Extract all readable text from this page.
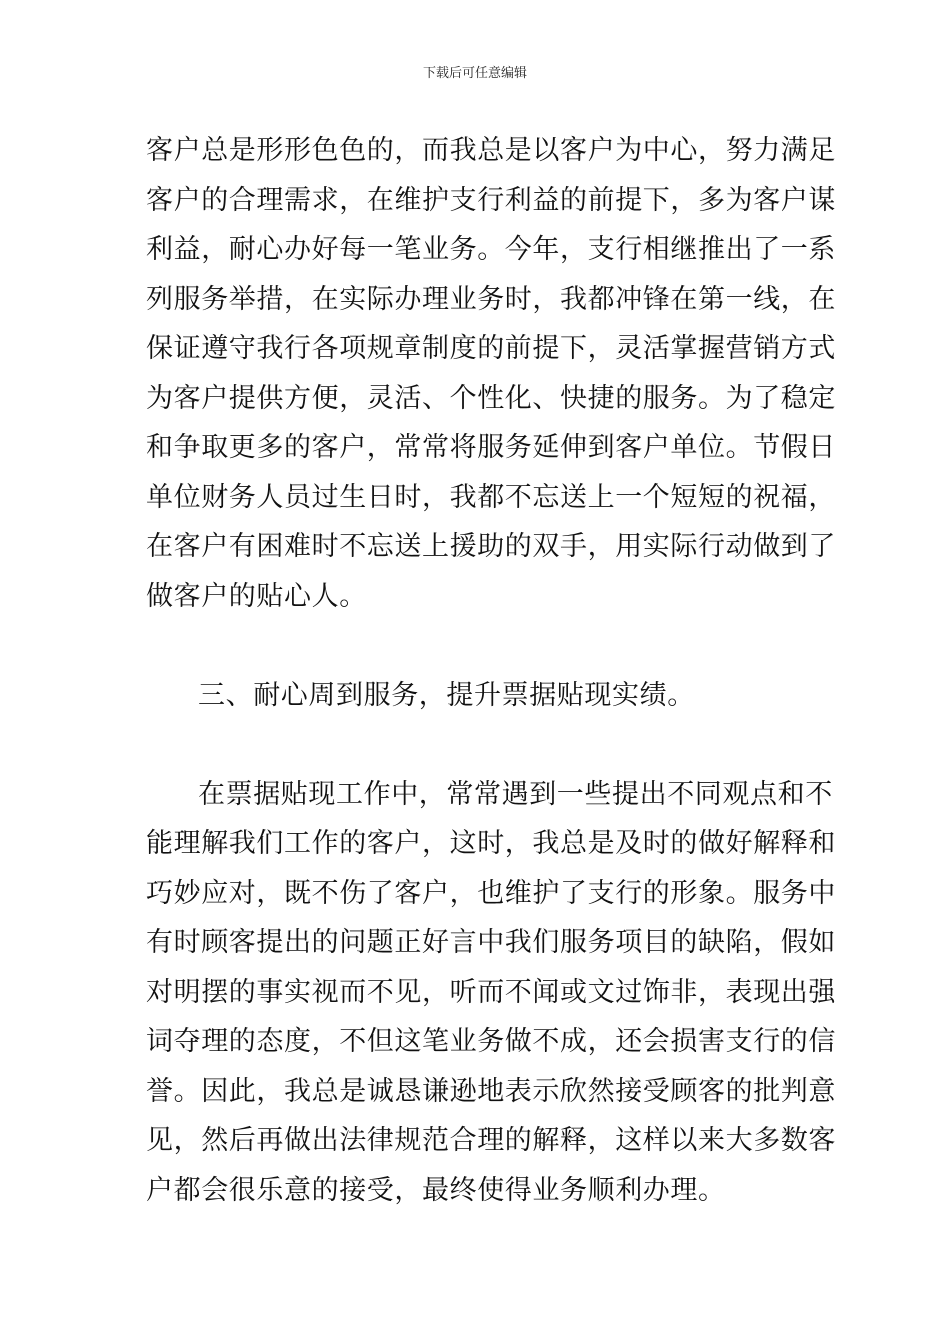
下载后可任意编辑
客户总是形形色色的，而我总是以客户为中心，努力满足
客户的合理需求，在维护支行利益的前提下，多为客户谋
利益，耐心办好每一笔业务。今年，支行相继推出了一系
列服务举措，在实际办理业务时，我都冲锋在第一线，在
保证遵守我行各项规章制度的前提下，灵活掌握营销方式
为客户提供方便，灵活、个性化、快捷的服务。为了稳定
和争取更多的客户，常常将服务延伸到客户单位。节假日
单位财务人员过生日时，我都不忘送上一个短短的祝福，
在客户有困难时不忘送上援助的双手，用实际行动做到了
做客户的贴心人。
三、耐心周到服务，提升票据贴现实绩。
在票据贴现工作中，常常遇到一些提出不同观点和不
能理解我们工作的客户，这时，我总是及时的做好解释和
巧妙应对，既不伤了客户，也维护了支行的形象。服务中
有时顾客提出的问题正好言中我们服务项目的缺陷，假如
对明摆的事实视而不见，听而不闻或文过饰非，表现出强
词夺理的态度，不但这笔业务做不成，还会损害支行的信
誉。因此，我总是诚恳谦逊地表示欣然接受顾客的批判意
见，然后再做出法律规范合理的解释，这样以来大多数客
户都会很乐意的接受，最终使得业务顺利办理。
